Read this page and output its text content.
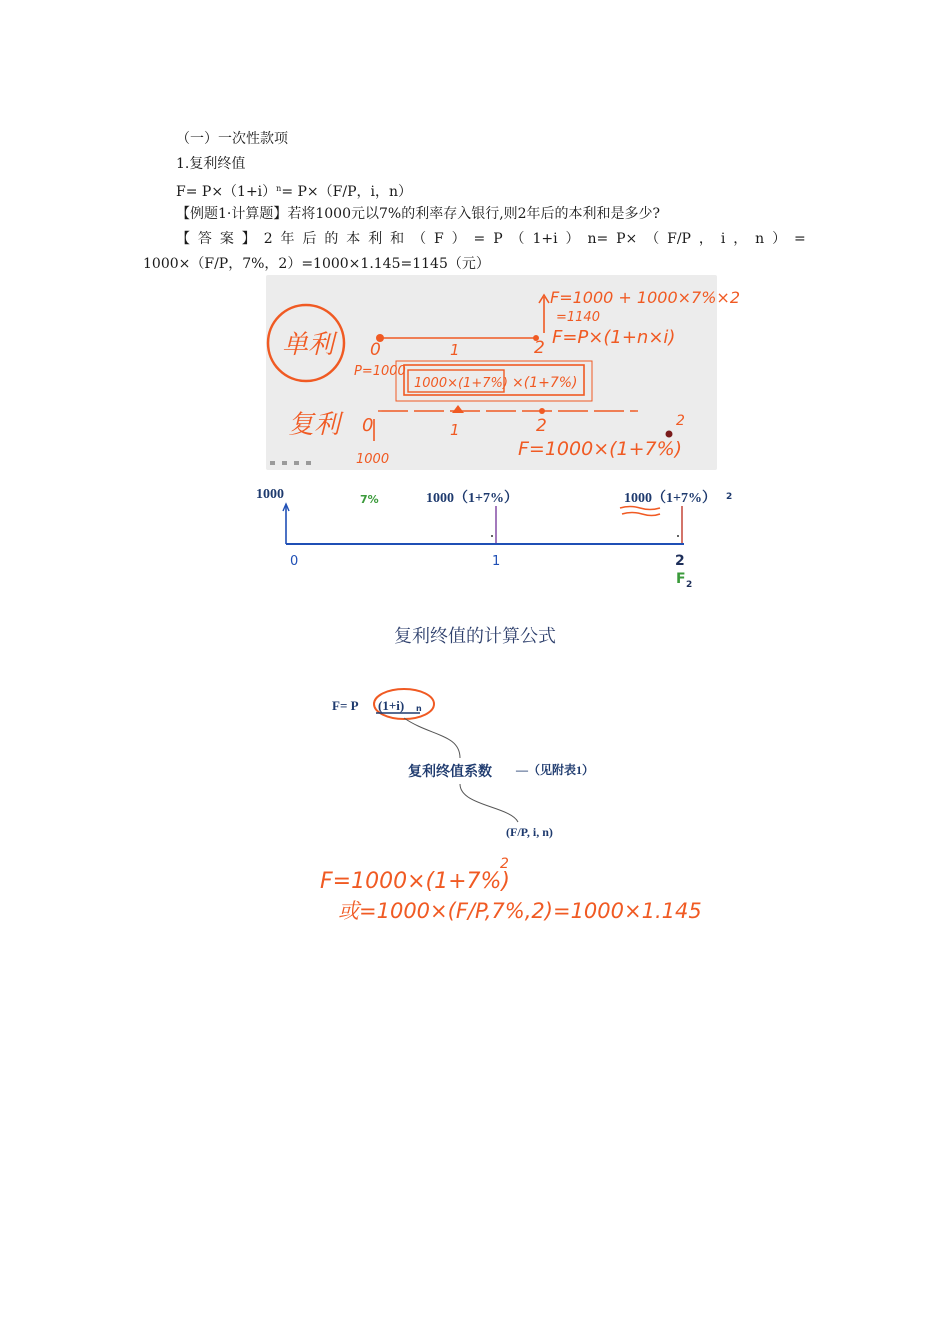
（一）一次性款项
1.复利终值
$F= P\times(1+i)^n= P\times(F/P$，i，n）
【例题1·计算题】若将1000元以7%的利率存入银行,则2年后的本利和是多少?
【 答 案 】 2 年 后 的 本 利 和 （ F ） = P （ 1+i ） n= P× （ F/P ， i ， n ） =
1000×（F/P，7%，2）=1000×1.145=1145（元）
单利 0	1	2
P=1000
F=1000 + 1000×7%×2
=1140
F=P×(1+n×i)
1000×(1+7%) ×(1+7%)
复利 0	1	2
1000	F=1000×(1+7%)
2
1000	7%	1000（1+7%）	1000（1+7%） 2
0	1	2
F 2
复利终值的计算公式
F= P (1+i) n
复利终值系数 —（见附表1）
(F/P, i, n)
F=1000×(1+7%)
2
或=1000×(F/P,7%,2)=1000×1.145
